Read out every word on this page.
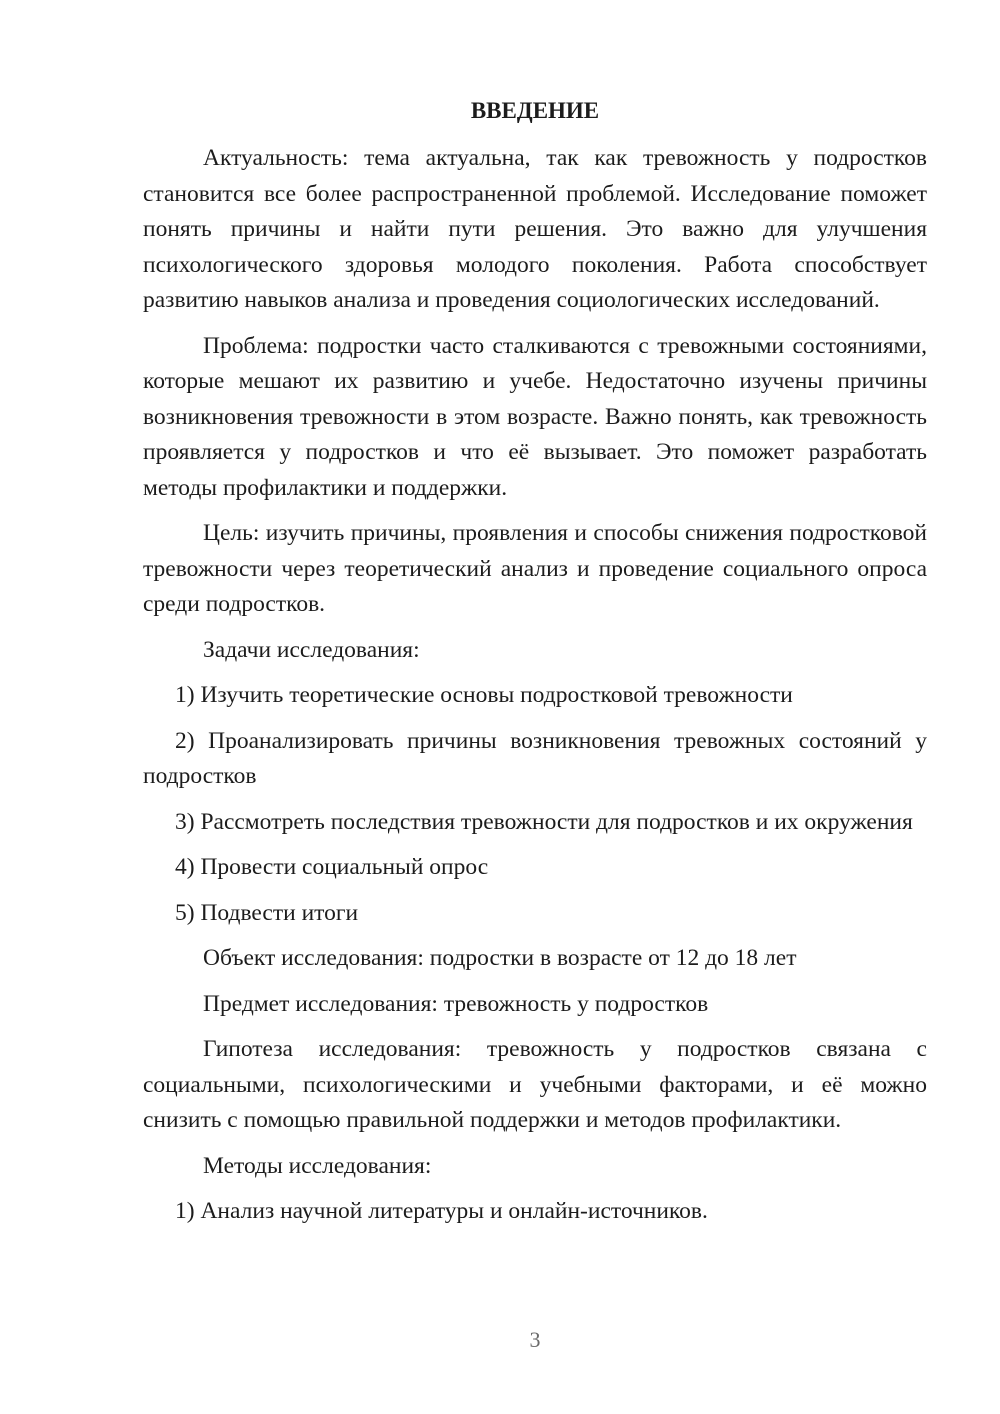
ВВЕДЕНИЕ

Актуальность: тема актуальна, так как тревожность у подростков становится все более распространенной проблемой. Исследование поможет понять причины и найти пути решения. Это важно для улучшения психологического здоровья молодого поколения. Работа способствует развитию навыков анализа и проведения социологических исследований.

Проблема: подростки часто сталкиваются с тревожными состояниями, которые мешают их развитию и учебе. Недостаточно изучены причины возникновения тревожности в этом возрасте. Важно понять, как тревожность проявляется у подростков и что её вызывает. Это поможет разработать методы профилактики и поддержки.

Цель: изучить причины, проявления и способы снижения подростковой тревожности через теоретический анализ и проведение социального опроса среди подростков.

Задачи исследования:

1) Изучить теоретические основы подростковой тревожности

2) Проанализировать причины возникновения тревожных состояний у подростков

3) Рассмотреть последствия тревожности для подростков и их окружения

4) Провести социальный опрос

5) Подвести итоги

Объект исследования: подростки в возрасте от 12 до 18 лет

Предмет исследования: тревожность у подростков

Гипотеза исследования: тревожность у подростков связана с социальными, психологическими и учебными факторами, и её можно снизить с помощью правильной поддержки и методов профилактики.

Методы исследования:

1) Анализ научной литературы и онлайн-источников.

3
